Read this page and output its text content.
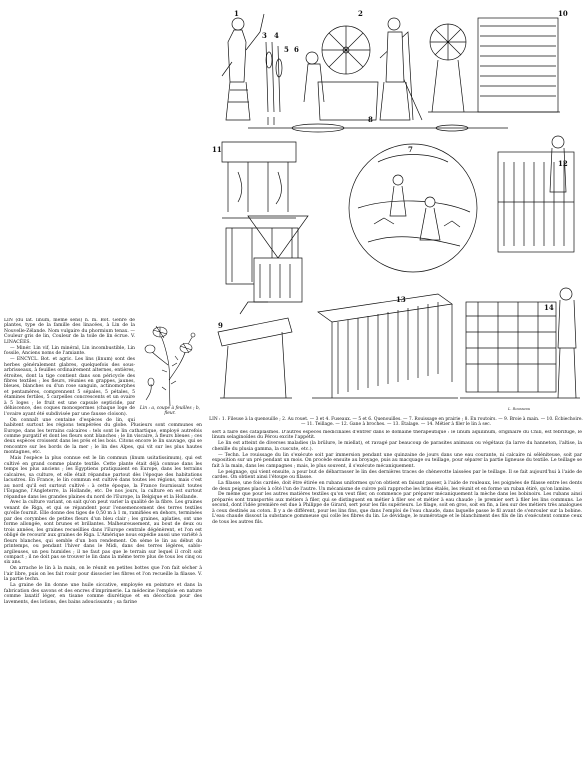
Lin : a, coupe à feuilles ; b, fleur.

LIN (du lat. linum, même sens) n. m. Bot. Genre de plantes, type de la famille des linacées, à Lin de la Nouvelle-Zélande. Nom vulgaire du phormium tenax. — Couleur gris de lin, Couleur de la toile de lin écrue. V. LINACÉES.

— Minér. Lin vif, Lin minéral, Lin incombustible, Lin fossile, Anciens noms de l'amiante.

— ENCYCL. Bot. et agric. Les lins (linum) sont des herbes généralement glabres, quelquefois des sous-arbrisseaux, à feuilles ordinairement alternes, entières, étroites, dont la tige contient dans son péricycle des fibres textiles ; les fleurs, réunies en grappes, jaunes, bleues, blanches ou d'un rose sanguin, actinomorphes et pentamères, comprennent 5 sépales, 5 pétales, 5 étamines fertiles, 5 carpelles concrescents et un ovaire à 5 loges ; le fruit est une capsule septicide, par déhiscence, des coques monospermes (chaque loge de l'ovaire ayant été subdivisée par une fausse cloison).

On connaît une centaine d'espèces de lin, qui habitent surtout les régions tempérées du globe. Plusieurs sont communes en Europe, dans les terrains calcaires : tels sont le lin cathartique, employé autrefois comme purgatif et dont les fleurs sont blanches ; le lin viscaire, à fleurs bleues ; ces deux espèces croissent dans les prés et les bois. Citons encore le lin sauvage, qui se rencontre sur les bords de la mer ; le lin des Alpes, qui vit sur les plus hautes montagnes, etc.

Mais l'espèce la plus connue est le lin commun (linum usitatissimum), qui est cultivé en grand comme plante textile. Cette plante était déjà connue dans les temps les plus anciens ; les Égyptiens pratiquaient en Europe, dans les terrains calcaires, sa culture, et elle était répandue partout dès l'époque des habitations lacustres. En France, le lin commun est cultivé dans toutes les régions, mais c'est au nord qu'il est surtout cultivé : à cette époque, la France fournissait toutes l'Espagne, l'Angleterre, la Hollande, etc. De nos jours, la culture en est surtout répandue dans les grandes plaines du nord de l'Europe, la Belgique et la Hollande.

Avec la culture variant, on sait qu'on peut varier la qualité de la fibre. Les graines venant de Riga, et qui se répandent pour l'ensemencement des terres textiles qu'elle fournit. Elle donne des tiges de 0,50 m à 1 m, ramifiées en dehors, terminées par des corymbes de petites fleurs d'un bleu clair ; les graines, aplaties, ont une forme allongée, sont brunes et brillantes. Malheureusement, au bout de deux ou trois années, les graines recueillies dans l'Europe centrale dégénèrent, et l'on est obligé de recourir aux graines de Riga. L'Amérique nous expédie aussi une variété à fleurs blanches, qui semble d'un bon rendement. On sème le lin au début du printemps, ou pendant l'hiver dans le Midi, dans des terres légères, sablo-argileuses, un peu humides ; il ne faut pas que le terrain sur lequel il croît soit compact ; il ne doit pas se trouver le lin dans la même terre plus de tous les cinq ou six ans.

On arrache le lin à la main, on le réunit en petites bottes que l'on fait sécher à l'air libre, puis on les fait rouir pour dissocier les fibres et l'on recueille la filasse. V. la partie techn.

La graine de lin donne une huile siccative, employée en peinture et dans la fabrication des savons et des encres d'imprimerie. La médecine l'emploie en nature comme laxatif léger, en tisane comme diurétique et en décoction pour des lavements, des lotions, des bains adoucissants ; sa farine

1	2
3 4
5 6
7
8
9
10
11
12
13
14
L. Rousseau
LIN : 1. Fileuse à la quenouille ; 2. Au rouet. — 3 et 4. Fuseaux. — 5 et 6. Quenouilles. — 7. Rouissage en prairie ; 8. En routoirs. — 9. Broie à main. — 10. Écbiechoire. — 11. Teillage. — 12. Gane à broches. — 13. Étalage. — 14. Métier à filer le lin à sec.

sert à faire des cataplasmes. D'autres espèces médicinales d'entrer dans le domaine thérapeutique : le linum aquilinum, originaire du Chili, est fébrifuge, le linum selaginoïdes du Pérou excite l'appétit.

Le lin est atteint de diverses maladies (la brûlure, le miellat), et ravagé par beaucoup de parasites animaux ou végétaux (la larve du hanneton, l'altise, la chenille du plusia gamma, la cuscute, etc.).

— Techn. Le rouissage du lin s'exécute soit par immersion pendant une quinzaine de jours dans une eau courante, ni calcaire ni séléniteuse, soit par exposition sur un pré pendant un mois. On procède ensuite au broyage, puis au macquage ou teillage, pour séparer la partie ligneuse du textile. Le teillage se fait à la main, dans les campagnes ; mais, le plus souvent, il s'exécute mécaniquement.

Le peignage, qui vient ensuite, a pour but de débarrasser le lin des dernières traces de chènevotte laissées par le teillage. Il se fait aujourd'hui à l'aide de cardes. On obtient ainsi l'étoupe ou filasse.

La filasse, une fois cardée, doit être étirée en rubans uniformes qu'on obtient en faisant passer, à l'aide de rouleaux, les poignées de filasse entre les dents de deux peignes placés à côté l'un de l'autre. Un mécanisme de cuivre poli rapproche les brins étalés, les réunit et en forme un ruban étiré, qu'on lamine.

De même que pour les autres matières textiles qu'on veut filer, on commence par préparer mécaniquement la mèche dans les bobinoirs. Les rubans ainsi préparés sont transportés aux métiers à filer, qui se distinguent en métier à filer sec et métier à eau chaude ; le premier sert à filer les lins communs. Le second, dont l'idée première est due à Philippe de Girard, sert pour les fils supérieurs. Le filage, soit en gros, soit en fin, a lieu sur des métiers très analogues à ceux destinés au coton. Il y a de différent, pour les lins fins, que dans l'emploi de l'eau chaude, dans laquelle passe le fil avant de s'enrouler sur la bobine. L'eau chaude dissout la substance gommeuse qui colle les fibres du lin. Le dévidage, le numérotage et le blanchiment des fils de lin s'exécutent comme ceux de tous les autres fils.
